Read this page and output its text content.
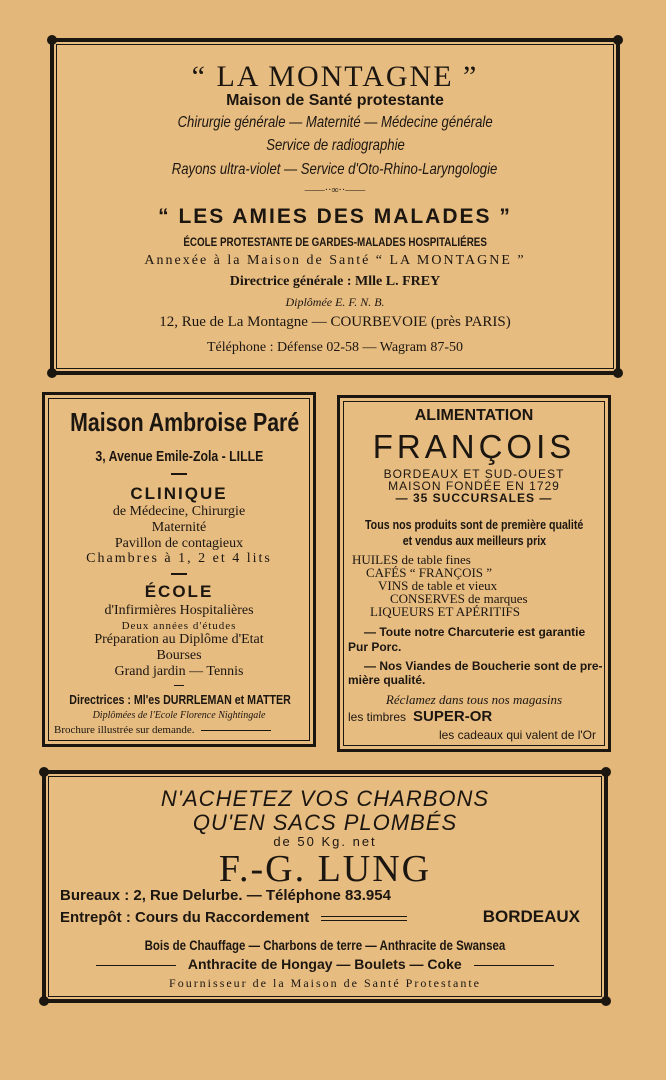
“ LA MONTAGNE ”
Maison de Santé protestante
Chirurgie générale — Maternité — Médecine générale
Service de radiographie
Rayons ultra-violet — Service d'Oto-Rhino-Laryngologie
——··∞··——
“ LES AMIES DES MALADES ”
ÉCOLE PROTESTANTE DE GARDES-MALADES HOSPITALIÉRES
Annexée à la Maison de Santé “ LA MONTAGNE ”
Directrice générale : Mlle L. FREY
Diplômée E. F. N. B.
12, Rue de La Montagne — COURBEVOIE (près PARIS)
Téléphone : Défense 02-58 — Wagram 87-50
Maison Ambroise Paré
3, Avenue Emile-Zola - LILLE
CLINIQUE
de Médecine, Chirurgie
Maternité
Pavillon de contagieux
Chambres à 1, 2 et 4 lits
ÉCOLE
d'Infirmières Hospitalières
Deux années d'études
Préparation au Diplôme d'Etat
Bourses
Grand jardin — Tennis
Directrices : Ml'es DURRLEMAN et MATTER
Diplômées de l'Ecole Florence Nightingale
Brochure illustrée sur demande.
ALIMENTATION
FRANÇOIS
BORDEAUX ET SUD-OUEST
MAISON FONDÉE EN 1729
— 35 SUCCURSALES —
Tous nos produits sont de première qualité
et vendus aux meilleurs prix
HUILES de table fines
CAFÉS “ FRANÇOIS ”
VINS de table et vieux
CONSERVES de marques
LIQUEURS ET APÉRITIFS
— Toute notre Charcuterie est garantie
Pur Porc.
— Nos Viandes de Boucherie sont de pre-
mière qualité.
Réclamez dans tous nos magasins
les timbres SUPER-OR
les cadeaux qui valent de l'Or
N'ACHETEZ VOS CHARBONS
QU'EN SACS PLOMBÉS
de 50 Kg. net
F.-G. LUNG
Bureaux : 2, Rue Delurbe. — Téléphone 83.954
Entrepôt : Cours du Raccordement	BORDEAUX
Bois de Chauffage — Charbons de terre — Anthracite de Swansea
Anthracite de Hongay — Boulets — Coke
Fournisseur de la Maison de Santé Protestante
